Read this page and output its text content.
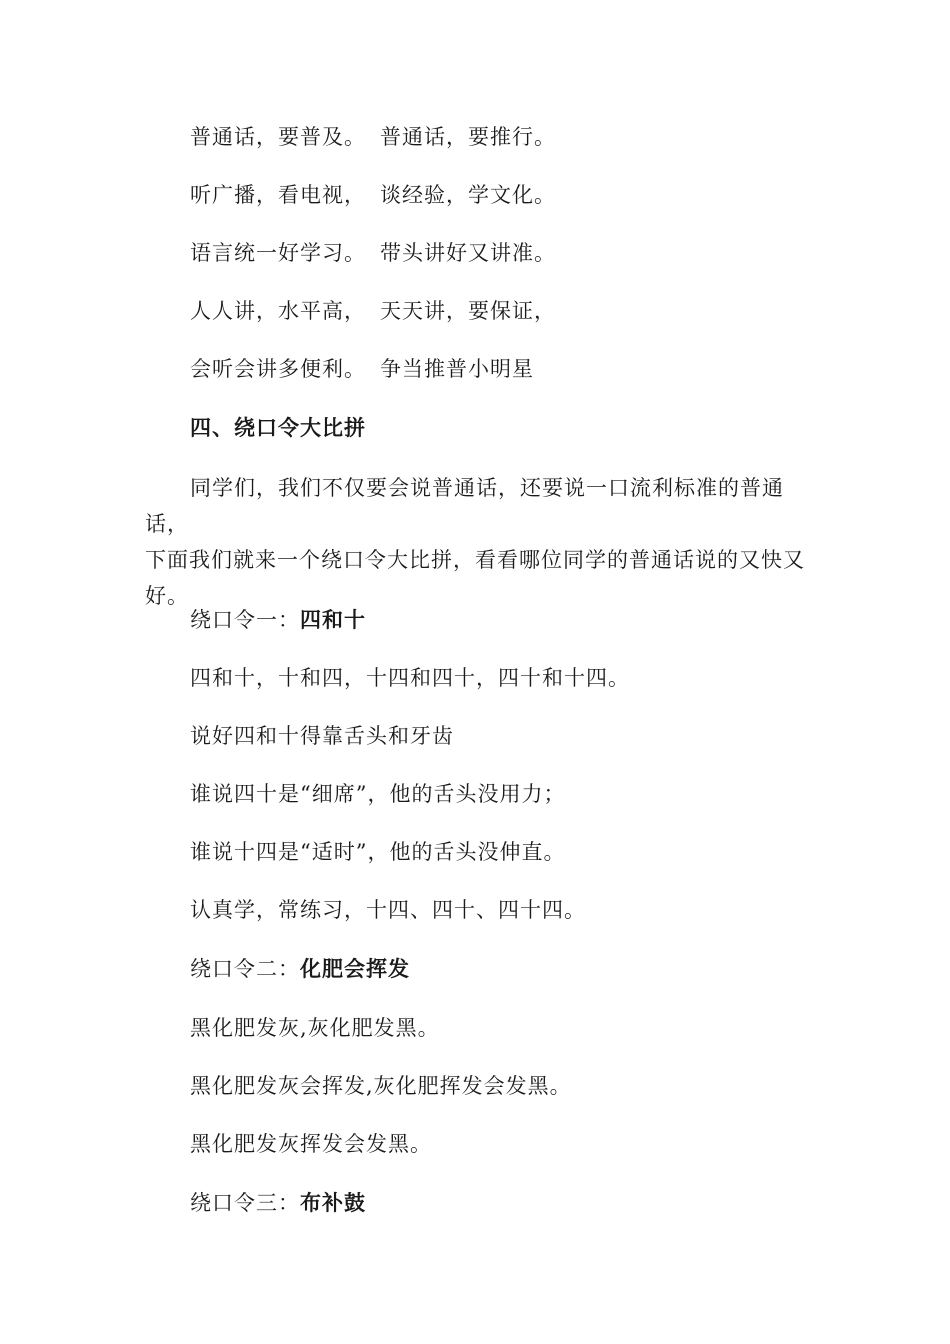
普通话，要普及。 普通话，要推行。
听广播，看电视， 谈经验，学文化。
语言统一好学习。 带头讲好又讲准。
人人讲，水平高， 天天讲，要保证，
会听会讲多便利。 争当推普小明星
四、绕口令大比拼
同学们，我们不仅要会说普通话，还要说一口流利标准的普通话，
下面我们就来一个绕口令大比拼，看看哪位同学的普通话说的又快又
好。
绕口令一：四和十
四和十，十和四，十四和四十，四十和十四。
说好四和十得靠舌头和牙齿
谁说四十是“细席”，他的舌头没用力；
谁说十四是“适时”，他的舌头没伸直。
认真学，常练习，十四、四十、四十四。
绕口令二：化肥会挥发
黑化肥发灰,灰化肥发黑。
黑化肥发灰会挥发,灰化肥挥发会发黑。
黑化肥发灰挥发会发黑。
绕口令三：布补鼓
